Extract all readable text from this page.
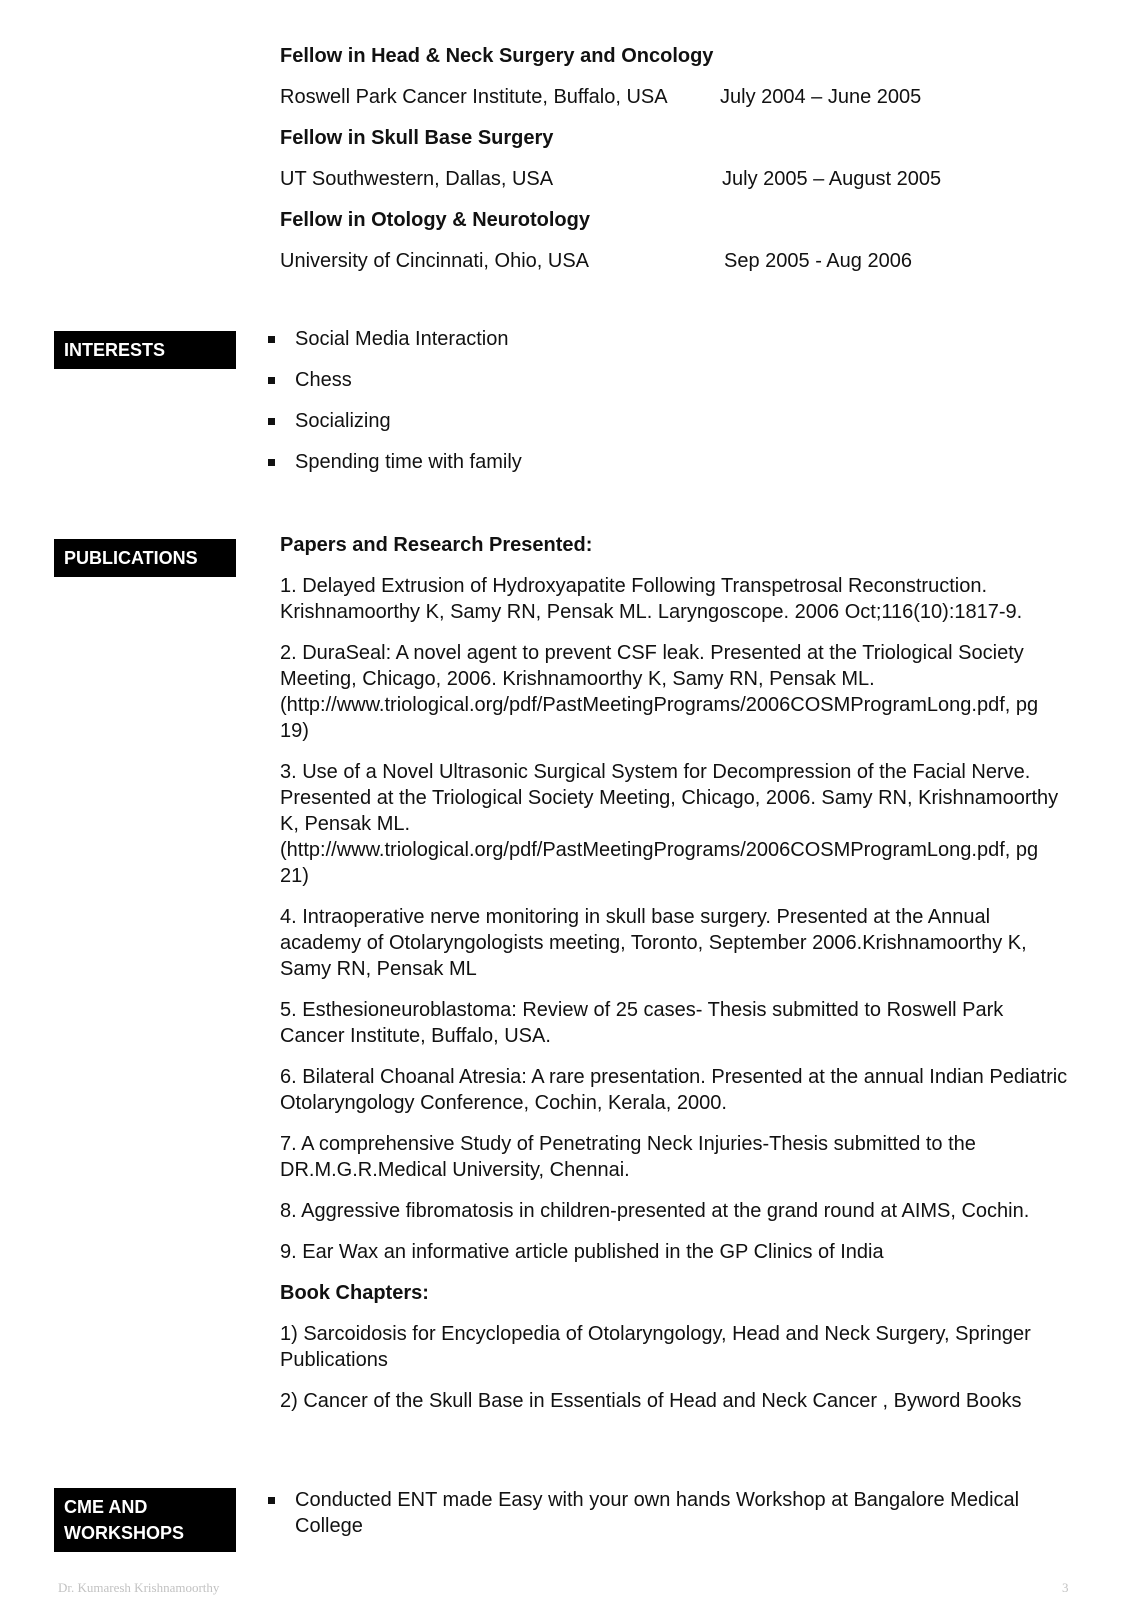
Fellow in Head & Neck Surgery and Oncology
Roswell Park Cancer Institute, Buffalo, USA	July 2004 – June 2005
Fellow in Skull Base Surgery
UT Southwestern, Dallas, USA	July 2005 – August 2005
Fellow in Otology & Neurotology
University of Cincinnati, Ohio, USA	Sep 2005 - Aug 2006
INTERESTS	Social Media Interaction
Chess
Socializing
Spending time with family
PUBLICATIONS
Papers and Research Presented:
1. Delayed Extrusion of Hydroxyapatite Following Transpetrosal Reconstruction. Krishnamoorthy K, Samy RN, Pensak ML. Laryngoscope. 2006 Oct;116(10):1817-9.
2. DuraSeal: A novel agent to prevent CSF leak. Presented at the Triological Society Meeting, Chicago, 2006. Krishnamoorthy K, Samy RN, Pensak ML. (http://www.triological.org/pdf/PastMeetingPrograms/2006COSMProgramLong.pdf, pg 19)
3. Use of a Novel Ultrasonic Surgical System for Decompression of the Facial Nerve. Presented at the Triological Society Meeting, Chicago, 2006. Samy RN, Krishnamoorthy K, Pensak ML. (http://www.triological.org/pdf/PastMeetingPrograms/2006COSMProgramLong.pdf, pg 21)
4. Intraoperative nerve monitoring in skull base surgery. Presented at the Annual academy of Otolaryngologists meeting, Toronto, September 2006.Krishnamoorthy K, Samy RN, Pensak ML
5. Esthesioneuroblastoma: Review of 25 cases- Thesis submitted to Roswell Park Cancer Institute, Buffalo, USA.
6. Bilateral Choanal Atresia: A rare presentation. Presented at the annual Indian Pediatric Otolaryngology Conference, Cochin, Kerala, 2000.
7. A comprehensive Study of Penetrating Neck Injuries-Thesis submitted to the DR.M.G.R.Medical University, Chennai.
8. Aggressive fibromatosis in children-presented at the grand round at AIMS, Cochin.
9. Ear Wax an informative article published in the GP Clinics of India
Book Chapters:
1) Sarcoidosis for Encyclopedia of Otolaryngology, Head and Neck Surgery, Springer Publications
2) Cancer of the Skull Base in Essentials of Head and Neck Cancer , Byword Books
CME AND
WORKSHOPS
Conducted ENT made Easy with your own hands Workshop at Bangalore Medical College
Dr. Kumaresh Krishnamoorthy	3
